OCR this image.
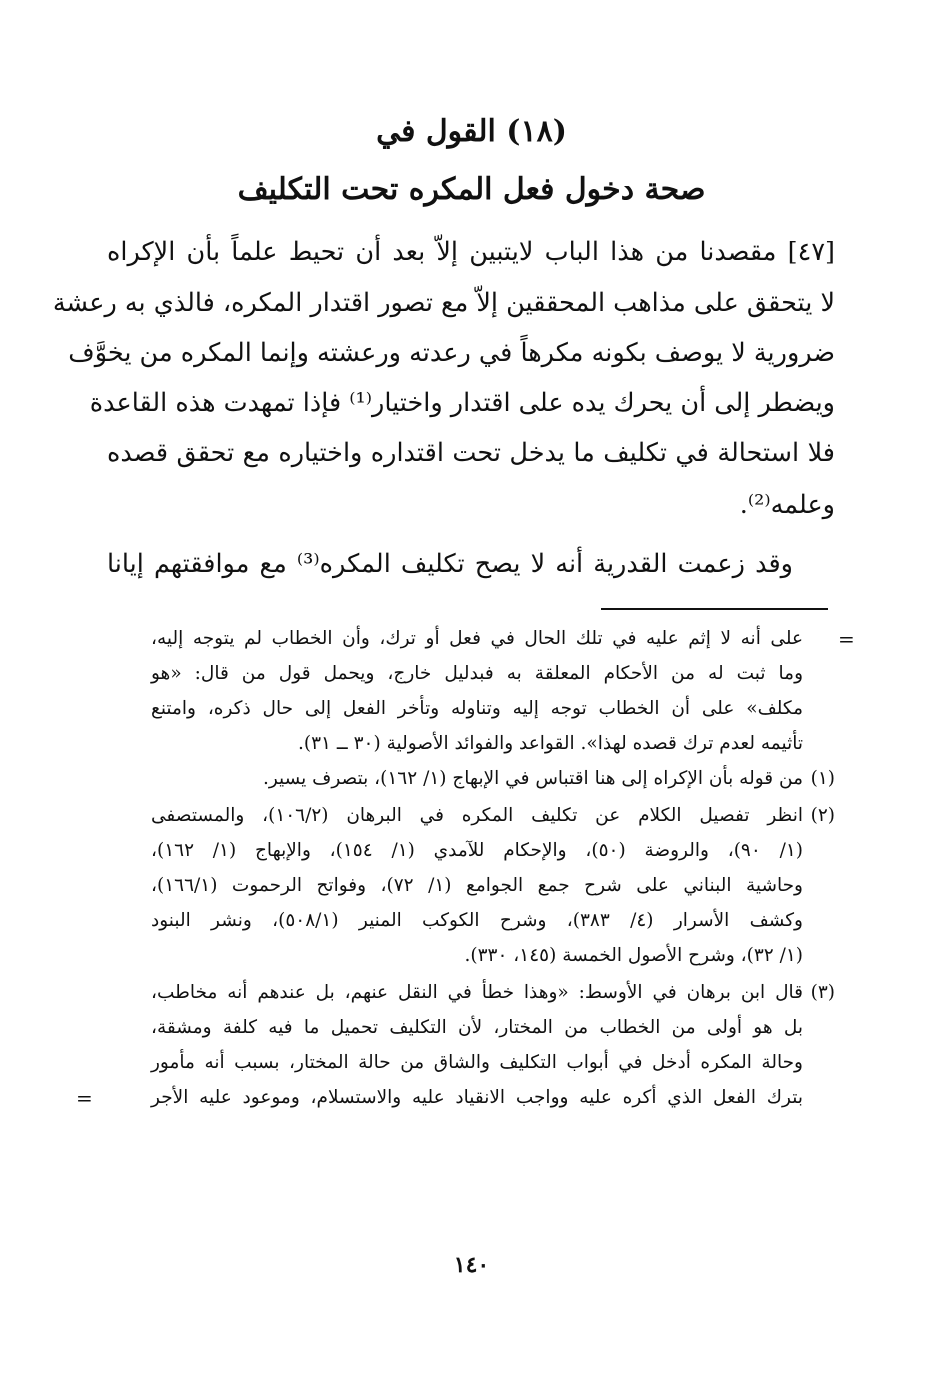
(١٨) القول في
صحة دخول فعل المكره تحت التكليف
[٤٧] مقصدنا من هذا الباب لايتبين إلاّ بعد أن تحيط علماً بأن الإكراه
لا يتحقق على مذاهب المحققين إلاّ مع تصور اقتدار المكره، فالذي به رعشة
ضرورية لا يوصف بكونه مكرهاً في رعدته ورعشته وإنما المكره من يخوَّف
ويضطر إلى أن يحرك يده على اقتدار واختيار⁽¹⁾ فإذا تمهدت هذه القاعدة
فلا استحالة في تكليف ما يدخل تحت اقتداره واختياره مع تحقق قصده
وعلمه⁽²⁾.
وقد زعمت القدرية أنه لا يصح تكليف المكره⁽³⁾ مع موافقتهم إيانا
=
على أنه لا إثم عليه في تلك الحال في فعل أو ترك، وأن الخطاب لم يتوجه إليه،
وما ثبت له من الأحكام المعلقة به فبدليل خارج، ويحمل قول من قال: «هو
مكلف» على أن الخطاب توجه إليه وتناوله وتأخر الفعل إلى حال ذكره، وامتنع
تأثيمه لعدم ترك قصده لهذا». القواعد والفوائد الأصولية (٣٠ ــ ٣١).
(١)
من قوله بأن الإكراه إلى هنا اقتباس في الإبهاج (١/ ١٦٢)، بتصرف يسير.
(٢)
انظر تفصيل الكلام عن تكليف المكره في البرهان (١٠٦/٢)، والمستصفى
(١/ ٩٠)، والروضة (٥٠)، والإحكام للآمدي (١/ ١٥٤)، والإبهاج (١/ ١٦٢)،
وحاشية البناني على شرح جمع الجوامع (١/ ٧٢)، وفواتح الرحموت (١٦٦/١)،
وكشف الأسرار (٤/ ٣٨٣)، وشرح الكوكب المنير (٥٠٨/١)، ونشر البنود
(١/ ٣٢)، وشرح الأصول الخمسة (١٤٥، ٣٣٠).
(٣)
قال ابن برهان في الأوسط: «وهذا خطأ في النقل عنهم، بل عندهم أنه مخاطب،
بل هو أولى من الخطاب من المختار، لأن التكليف تحميل ما فيه كلفة ومشقة،
وحالة المكره أدخل في أبواب التكليف والشاق من حالة المختار، بسبب أنه مأمور
بترك الفعل الذي أكره عليه وواجب الانقياد عليه والاستسلام، وموعود عليه الأجر
=
١٤٠
